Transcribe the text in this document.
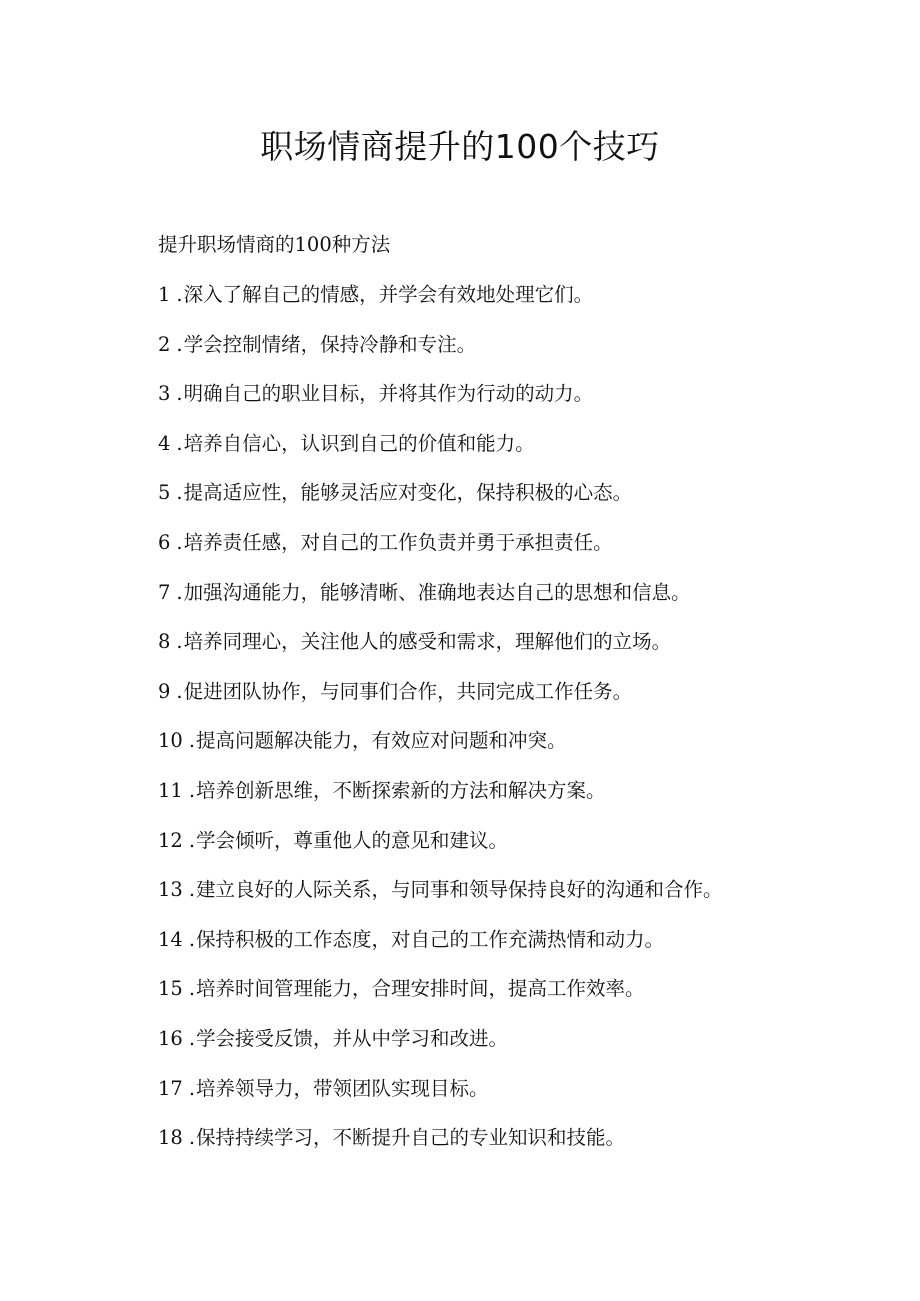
职场情商提升的100个技巧
提升职场情商的100种方法
1 . 深入了解自己的情感，并学会有效地处理它们。
2 . 学会控制情绪，保持冷静和专注。
3 . 明确自己的职业目标，并将其作为行动的动力。
4 . 培养自信心，认识到自己的价值和能力。
5 . 提高适应性，能够灵活应对变化，保持积极的心态。
6 . 培养责任感，对自己的工作负责并勇于承担责任。
7 . 加强沟通能力，能够清晰、准确地表达自己的思想和信息。
8 . 培养同理心，关注他人的感受和需求，理解他们的立场。
9 . 促进团队协作，与同事们合作，共同完成工作任务。
10 . 提高问题解决能力，有效应对问题和冲突。
11 . 培养创新思维，不断探索新的方法和解决方案。
12 . 学会倾听，尊重他人的意见和建议。
13 . 建立良好的人际关系，与同事和领导保持良好的沟通和合作。
14 . 保持积极的工作态度，对自己的工作充满热情和动力。
15 . 培养时间管理能力，合理安排时间，提高工作效率。
16 . 学会接受反馈，并从中学习和改进。
17 . 培养领导力，带领团队实现目标。
18 . 保持持续学习，不断提升自己的专业知识和技能。
